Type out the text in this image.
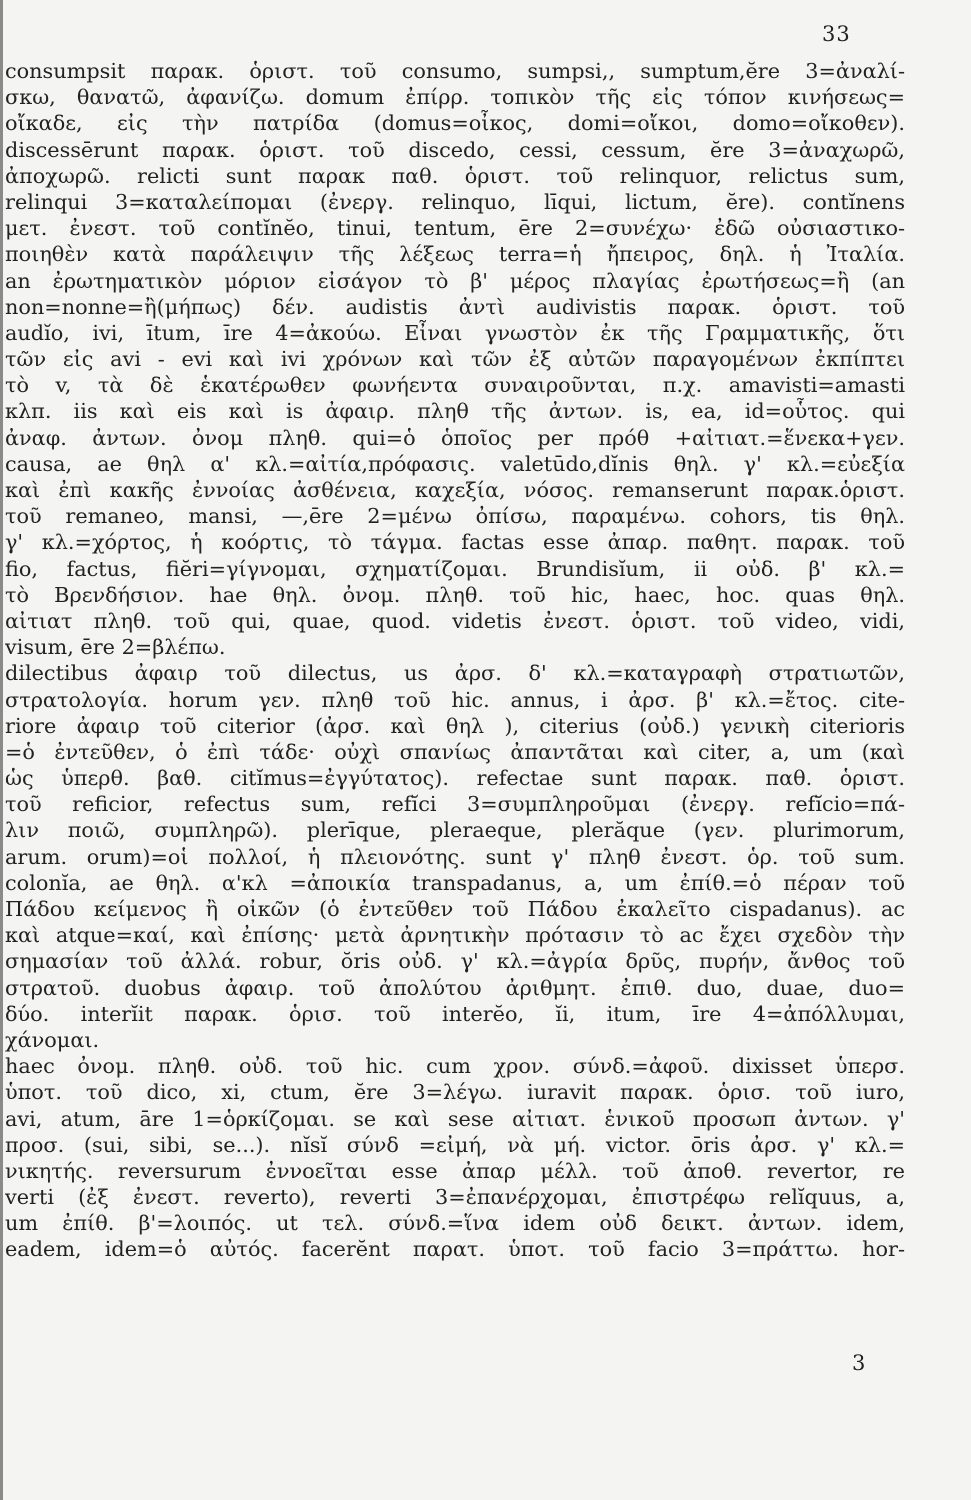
33
consumpsit παρακ. ὁριστ. τοῦ consumo, sumpsi,, sumptum,ĕre 3=ἀναλί-
σκω, θανατῶ, ἀφανίζω. domum ἐπίρρ. τοπικὸν τῆς εἰς τόπον κινήσεως=
οἴκαδε, εἰς τὴν πατρίδα (domus=οἶκος, domi=οἴκοι, domo=οἴκοθεν).
discessērunt παρακ. ὁριστ. τοῦ discedo, cessi, cessum, ĕre 3=ἀναχωρῶ,
ἀποχωρῶ. relicti sunt παρακ παθ. ὁριστ. τοῦ relinquor, relictus sum,
relinqui 3=καταλείπομαι (ἐνεργ. relinquo, līqui, lictum, ĕre). contĭnens
μετ. ἐνεστ. τοῦ contĭnĕo, tinui, tentum, ēre 2=συνέχω· ἐδῶ οὐσιαστικο-
ποιηθὲν κατὰ παράλειψιν τῆς λέξεως terra=ἡ ἤπειρος, δηλ. ἡ Ἰταλία.
an ἐρωτηματικὸν μόριον εἰσάγον τὸ β' μέρος πλαγίας ἐρωτήσεως=ἢ (an
non=nonne=ἢ(μήπως) δέν. audistis ἀντὶ audivistis παρακ. ὁριστ. τοῦ
audĭo, ivi, ītum, īre 4=ἀκούω. Εἶναι γνωστὸν ἐκ τῆς Γραμματικῆς, ὅτι
τῶν εἰς avi - evi καὶ ivi χρόνων καὶ τῶν ἐξ αὐτῶν παραγομένων ἐκπίπτει
τὸ v, τὰ δὲ ἑκατέρωθεν φωνήεντα συναιροῦνται, π.χ. amavisti=amasti
κλπ. iis καὶ eis καὶ is ἀφαιρ. πληθ τῆς ἀντων. is, ea, id=οὗτος. qui
ἀναφ. ἀντων. ὀνομ πληθ. qui=ὁ ὁποῖος per πρόθ +αἰτιατ.=ἕνεκα+γεν.
causa, ae θηλ α' κλ.=αἰτία,πρόφασις. valetūdo,dĭnis θηλ. γ' κλ.=εὐεξία
καὶ ἐπὶ κακῆς ἐννοίας ἀσθένεια, καχεξία, νόσος. remanserunt παρακ.ὁριστ.
τοῦ remaneo, mansi, —,ēre 2=μένω ὀπίσω, παραμένω. cohors, tis θηλ.
γ' κλ.=χόρτος, ἡ κοόρτις, τὸ τάγμα. factas esse ἀπαρ. παθητ. παρακ. τοῦ
fio, factus, fiĕri=γίγνομαι, σχηματίζομαι. Brundisĭum, ii οὐδ. β' κλ.=
τὸ Βρενδήσιον. hae θηλ. ὀνομ. πληθ. τοῦ hic, haec, hoc. quas θηλ.
αἰτιατ πληθ. τοῦ qui, quae, quod. videtis ἐνεστ. ὁριστ. τοῦ video, vidi,
visum, ēre 2=βλέπω.
dilectibus ἀφαιρ τοῦ dilectus, us ἀρσ. δ' κλ.=καταγραφὴ στρατιωτῶν,
στρατολογία. horum γεν. πληθ τοῦ hic. annus, i ἀρσ. β' κλ.=ἔτος. cite-
riore ἀφαιρ τοῦ citerior (ἀρσ. καὶ θηλ ), citerius (οὐδ.) γενικὴ citerioris
=ὁ ἐντεῦθεν, ὁ ἐπὶ τάδε· οὐχὶ σπανίως ἀπαντᾶται καὶ citer, a, um (καὶ
ὡς ὑπερθ. βαθ. citĭmus=ἐγγύτατος). refectae sunt παρακ. παθ. ὁριστ.
τοῦ reficior, refectus sum, refĭci 3=συμπληροῦμαι (ἐνεργ. refĭcio=πά-
λιν ποιῶ, συμπληρῶ). plerīque, pleraeque, plerăque (γεν. plurimorum,
arum. orum)=οἱ πολλοί, ἡ πλειονότης. sunt γ' πληθ ἐνεστ. ὁρ. τοῦ sum.
colonĭa, ae θηλ. α'κλ =ἀποικία transpadanus, a, um ἐπίθ.=ὁ πέραν τοῦ
Πάδου κείμενος ἢ οἰκῶν (ὁ ἐντεῦθεν τοῦ Πάδου ἐκαλεῖτο cispadanus). ac
καὶ atque=καί, καὶ ἐπίσης· μετὰ ἀρνητικὴν πρότασιν τὸ ac ἔχει σχεδὸν τὴν
σημασίαν τοῦ ἀλλά. robur, ŏris οὐδ. γ' κλ.=ἀγρία δρῦς, πυρήν, ἄνθος τοῦ
στρατοῦ. duobus ἀφαιρ. τοῦ ἀπολύτου ἀριθμητ. ἐπιθ. duo, duae, duo=
δύο. interĭit παρακ. ὁρισ. τοῦ interĕo, ĭi, itum, īre 4=ἀπόλλυμαι,
χάνομαι.
haec ὀνομ. πληθ. οὐδ. τοῦ hic. cum χρον. σύνδ.=ἀφοῦ. dixisset ὑπερσ.
ὑποτ. τοῦ dico, xi, ctum, ĕre 3=λέγω. iuravit παρακ. ὁρισ. τοῦ iuro,
avi, atum, āre 1=ὁρκίζομαι. se καὶ sese αἰτιατ. ἑνικοῦ προσωπ ἀντων. γ'
προσ. (sui, sibi, se...). nĭsĭ σύνδ =εἰμή, νὰ μή. victor. ōris ἀρσ. γ' κλ.=
νικητής. reversurum ἐννοεῖται esse ἀπαρ μέλλ. τοῦ ἀποθ. revertor, re
verti (ἐξ ἐνεστ. reverto), reverti 3=ἐπανέρχομαι, ἐπιστρέφω relĭquus, a,
um ἐπίθ. β'=λοιπός. ut τελ. σύνδ.=ἵνα idem οὐδ δεικτ. ἀντων. idem,
eadem, idem=ὁ αὐτός. facerĕnt παρατ. ὑποτ. τοῦ facio 3=πράττω. hor-
3
